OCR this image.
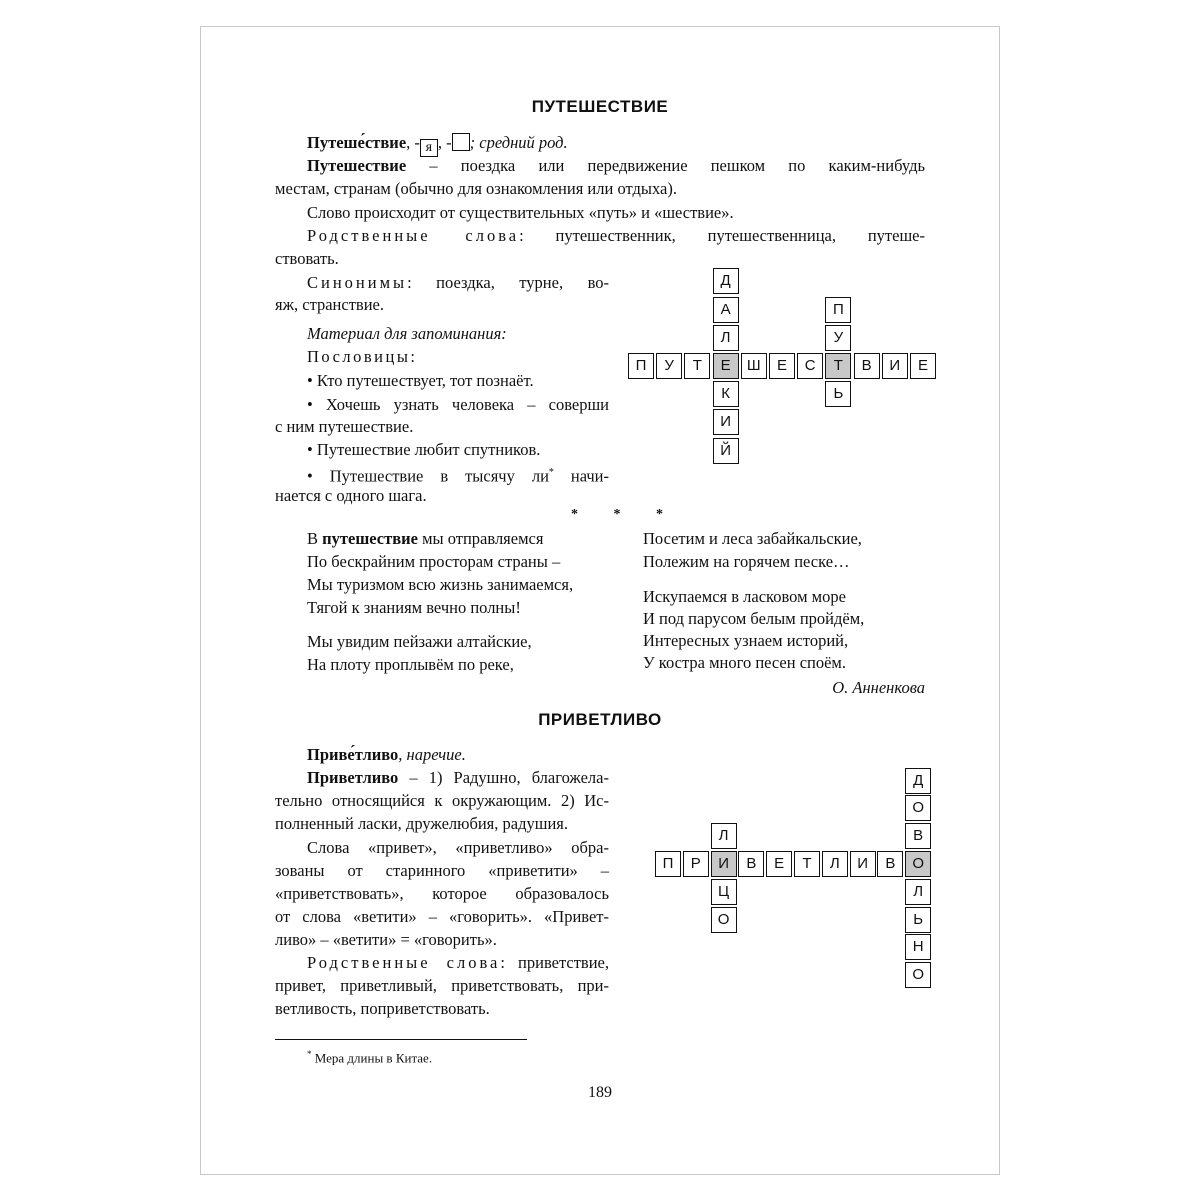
ПУТЕШЕСТВИЕ
Путеше́ствие, - я , - ; средний род.
Путешествие – поездка или передвижение пешком по каким-нибудь
местам, странам (обычно для ознакомления или отдыха).
Слово происходит от существительных «путь» и «шествие».
Родственные слова: путешественник, путешественница, путеше-
ствовать.
Синонимы: поездка, турне, во-
яж, странствие.
Материал для запоминания:
Пословицы:
• Кто путешествует, тот познаёт.
• Хочешь узнать человека – соверши
с ним путешествие.
• Путешествие любит спутников.
• Путешествие в тысячу ли* начи-
нается с одного шага.
П	У	Т	Е	Ш	Е	С	Т	В	И	Е
Д
А
Л
К
И
Й
П
У
Ь
* * *
В путешествие мы отправляемся
По бескрайним просторам страны –
Мы туризмом всю жизнь занимаемся,
Тягой к знаниям вечно полны!
Мы увидим пейзажи алтайские,
На плоту проплывём по реке,
Посетим и леса забайкальские,
Полежим на горячем песке…
Искупаемся в ласковом море
И под парусом белым пройдём,
Интересных узнаем историй,
У костра много песен споём.
О. Анненкова
ПРИВЕТЛИВО
Приве́тливо, наречие.
Приветливо – 1) Радушно, благожела-
тельно относящийся к окружающим. 2) Ис-
полненный ласки, дружелюбия, радушия.
Слова «привет», «приветливо» обра-
зованы от старинного «приветити» –
«приветствовать», которое образовалось
от слова «ветити» – «говорить». «Привет-
ливо» – «ветити» = «говорить».
Родственные слова: приветствие,
привет, приветливый, приветствовать, при-
ветливость, поприветствовать.
П	Р	И	В	Е	Т	Л	И	В	О
Л
Ц
О
Д
О
В
Л
Ь
Н
О
* Мера длины в Китае.
189
